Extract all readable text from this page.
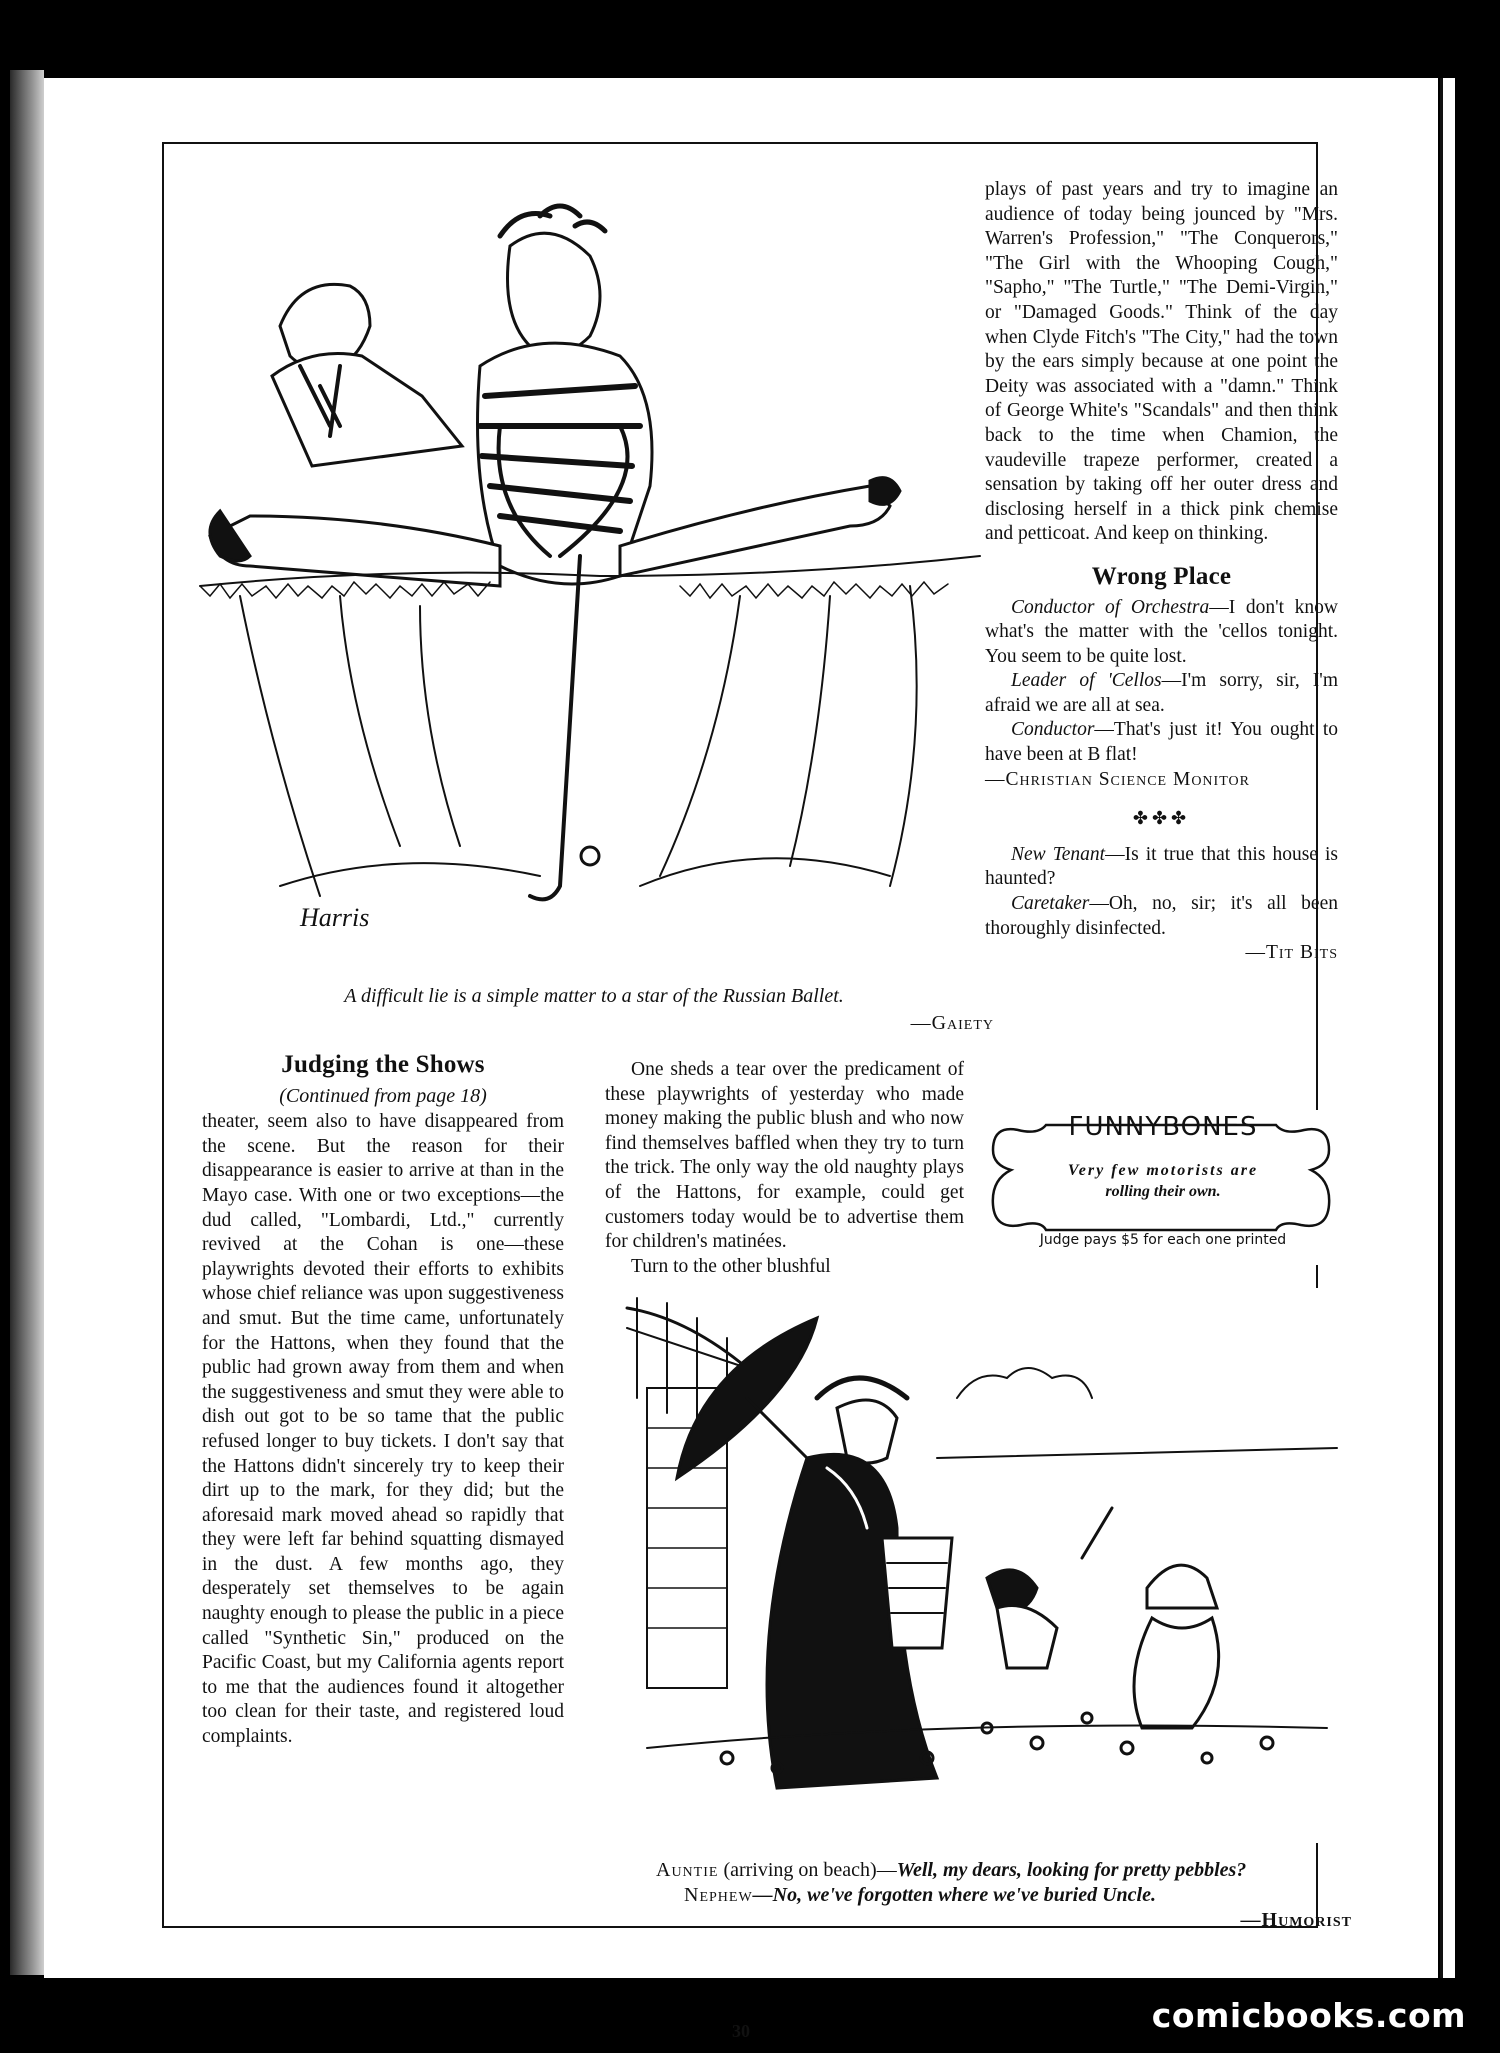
Harris
A difficult lie is a simple matter to a star of the Russian Ballet.
—Gaiety

plays of past years and try to imagine an audience of today being jounced by "Mrs. Warren's Profession," "The Conquerors," "The Girl with the Whooping Cough," "Sapho," "The Turtle," "The Demi-Virgin," or "Damaged Goods." Think of the day when Clyde Fitch's "The City," had the town by the ears simply because at one point the Deity was associated with a "damn." Think of George White's "Scandals" and then think back to the time when Chamion, the vaudeville trapeze performer, created a sensation by taking off her outer dress and disclosing herself in a thick pink chemise and petticoat. And keep on thinking.

Wrong Place

Conductor of Orchestra—I don't know what's the matter with the 'cellos tonight. You seem to be quite lost.

Leader of 'Cellos—I'm sorry, sir, I'm afraid we are all at sea.

Conductor—That's just it! You ought to have been at B flat!

—Christian Science Monitor

✤✤✤

New Tenant—Is it true that this house is haunted?

Caretaker—Oh, no, sir; it's all been thoroughly disinfected.

—Tit Bits

FUNNYBONES
Very few motorists are
rolling their own.
Judge pays $5 for each one printed
Judging the Shows
(Continued from page 18)

theater, seem also to have disappeared from the scene. But the reason for their disappearance is easier to arrive at than in the Mayo case. With one or two exceptions—the dud called, "Lombardi, Ltd.," currently revived at the Cohan is one—these playwrights devoted their efforts to exhibits whose chief reliance was upon suggestiveness and smut. But the time came, unfortunately for the Hattons, when they found that the public had grown away from them and when the suggestiveness and smut they were able to dish out got to be so tame that the public refused longer to buy tickets. I don't say that the Hattons didn't sincerely try to keep their dirt up to the mark, for they did; but the aforesaid mark moved ahead so rapidly that they were left far behind squatting dismayed in the dust. A few months ago, they desperately set themselves to be again naughty enough to please the public in a piece called "Synthetic Sin," produced on the Pacific Coast, but my California agents report to me that the audiences found it altogether too clean for their taste, and registered loud complaints.

One sheds a tear over the predicament of these playwrights of yesterday who made money making the public blush and who now find themselves baffled when they try to turn the trick. The only way the old naughty plays of the Hattons, for example, could get customers today would be to advertise them for children's matinées.

Turn to the other blushful

Auntie (arriving on beach)—Well, my dears, looking for pretty pebbles?
Nephew—No, we've forgotten where we've buried Uncle.

—Humorist
30	comicbooks.com
